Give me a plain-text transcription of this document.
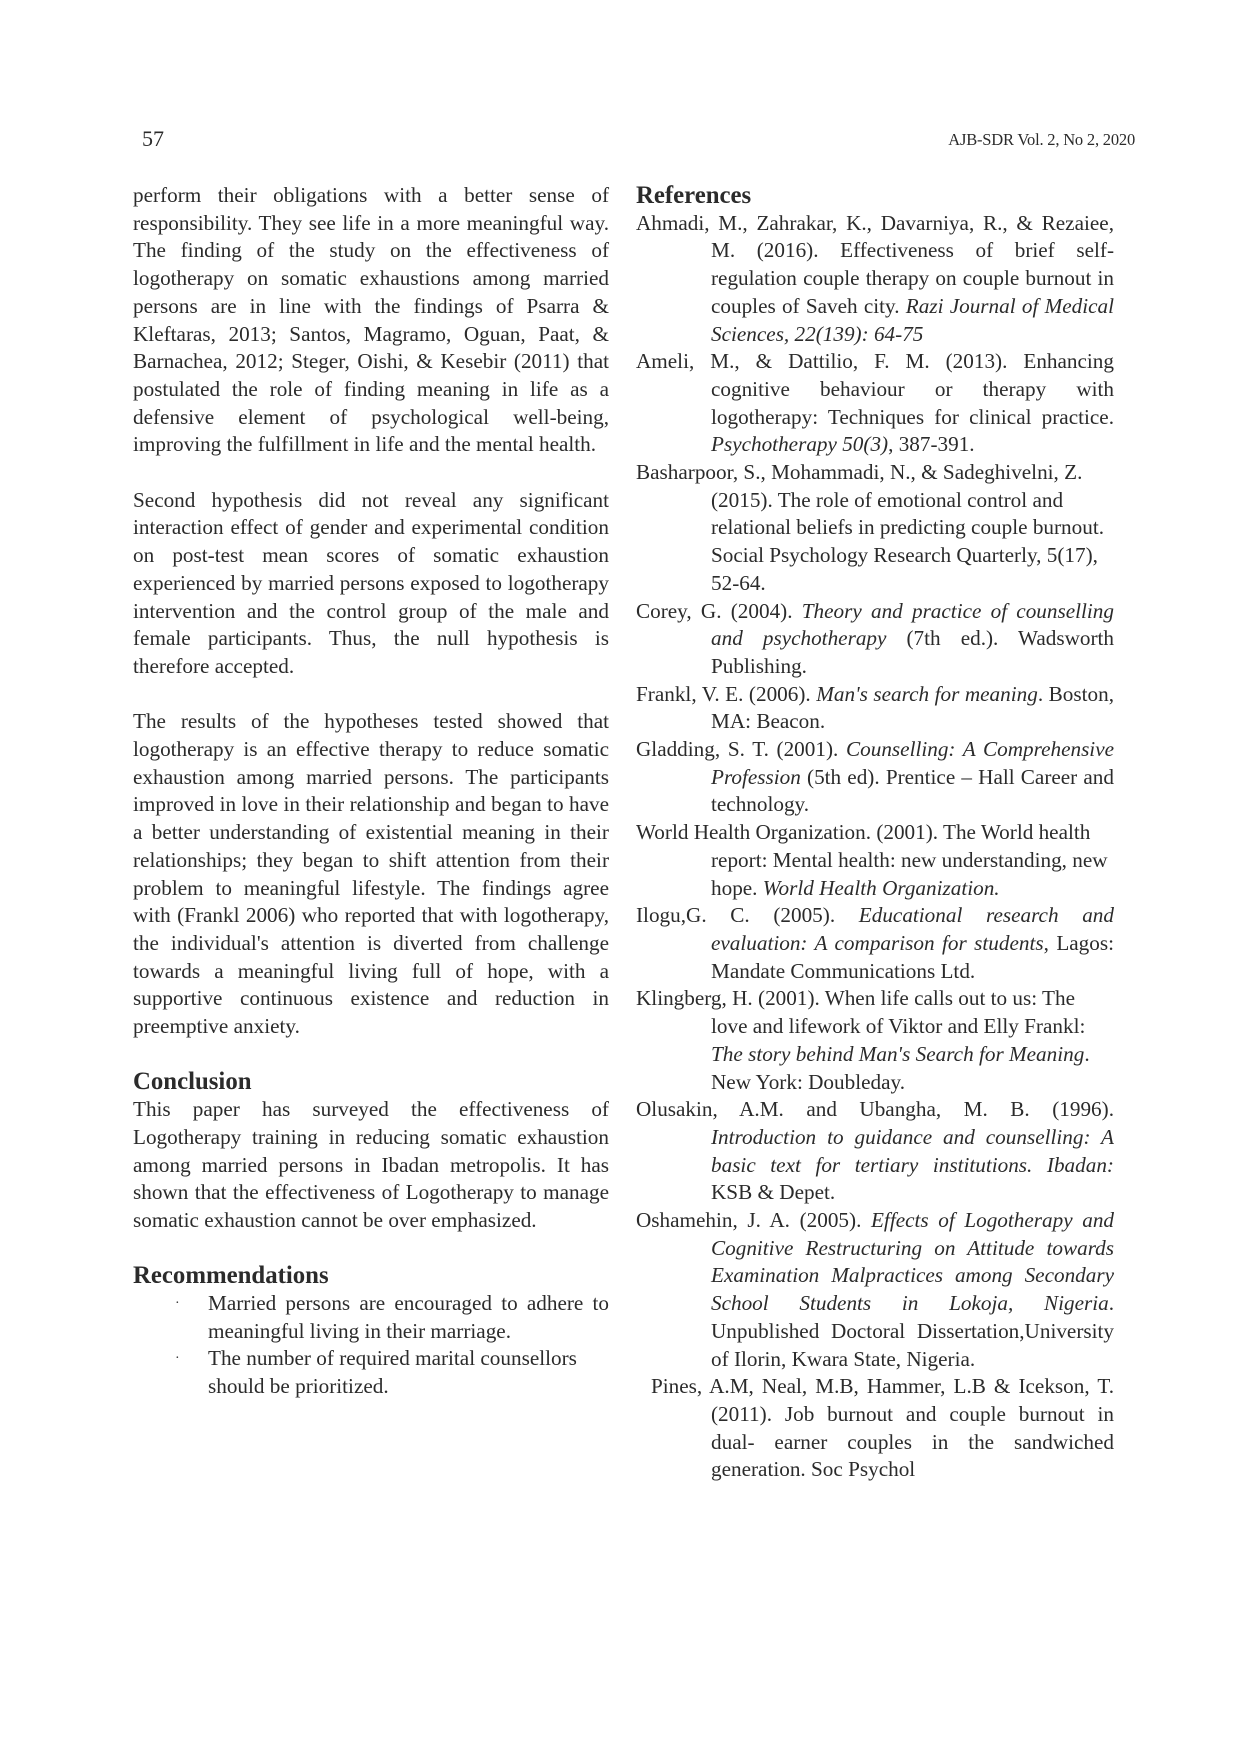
57	AJB-SDR Vol. 2, No 2, 2020

perform their obligations with a better sense of responsibility. They see life in a more meaningful way. The finding of the study on the effectiveness of logotherapy on somatic exhaustions among married persons are in line with the findings of Psarra & Kleftaras, 2013; Santos, Magramo, Oguan, Paat, & Barnachea, 2012; Steger, Oishi, & Kesebir (2011) that postulated the role of finding meaning in life as a defensive element of psychological well-being, improving the fulfillment in life and the mental health.

Second hypothesis did not reveal any significant interaction effect of gender and experimental condition on post-test mean scores of somatic exhaustion experienced by married persons exposed to logotherapy intervention and the control group of the male and female participants. Thus, the null hypothesis is therefore accepted.

The results of the hypotheses tested showed that logotherapy is an effective therapy to reduce somatic exhaustion among married persons. The participants improved in love in their relationship and began to have a better understanding of existential meaning in their relationships; they began to shift attention from their problem to meaningful lifestyle. The findings agree with (Frankl 2006) who reported that with logotherapy, the individual's attention is diverted from challenge towards a meaningful living full of hope, with a supportive continuous existence and reduction in preemptive anxiety.

Conclusion

This paper has surveyed the effectiveness of Logotherapy training in reducing somatic exhaustion among married persons in Ibadan metropolis. It has shown that the effectiveness of Logotherapy to manage somatic exhaustion cannot be over emphasized.

Recommendations
· Married persons are encouraged to adhere to meaningful living in their marriage.
· The number of required marital counsellors should be prioritized.
References

Ahmadi, M., Zahrakar, K., Davarniya, R., & Rezaiee, M. (2016). Effectiveness of brief self-regulation couple therapy on couple burnout in couples of Saveh city. Razi Journal of Medical Sciences, 22(139): 64-75

Ameli, M., & Dattilio, F. M. (2013). Enhancing cognitive behaviour or therapy with logotherapy: Techniques for clinical practice. Psychotherapy 50(3), 387-391.

Basharpoor, S., Mohammadi, N., & Sadeghivelni, Z. (2015). The role of emotional control and relational beliefs in predicting couple burnout. Social Psychology Research Quarterly, 5(17), 52-64.

Corey, G. (2004). Theory and practice of counselling and psychotherapy (7th ed.). Wadsworth Publishing.

Frankl, V. E. (2006). Man's search for meaning. Boston, MA: Beacon.

Gladding, S. T. (2001). Counselling: A Comprehensive Profession (5th ed). Prentice – Hall Career and technology.

World Health Organization. (2001). The World health report: Mental health: new understanding, new hope. World Health Organization.

Ilogu,G. C. (2005). Educational research and evaluation: A comparison for students, Lagos: Mandate Communications Ltd.

Klingberg, H. (2001). When life calls out to us: The love and lifework of Viktor and Elly Frankl: The story behind Man's Search for Meaning. New York: Doubleday.

Olusakin, A.M. and Ubangha, M. B. (1996). Introduction to guidance and counselling: A basic text for tertiary institutions. Ibadan: KSB & Depet.

Oshamehin, J. A. (2005). Effects of Logotherapy and Cognitive Restructuring on Attitude towards Examination Malpractices among Secondary School Students in Lokoja, Nigeria. Unpublished Doctoral Dissertation,University of Ilorin, Kwara State, Nigeria.

Pines, A.M, Neal, M.B, Hammer, L.B & Icekson, T. (2011). Job burnout and couple burnout in dual- earner couples in the sandwiched generation. Soc Psychol
